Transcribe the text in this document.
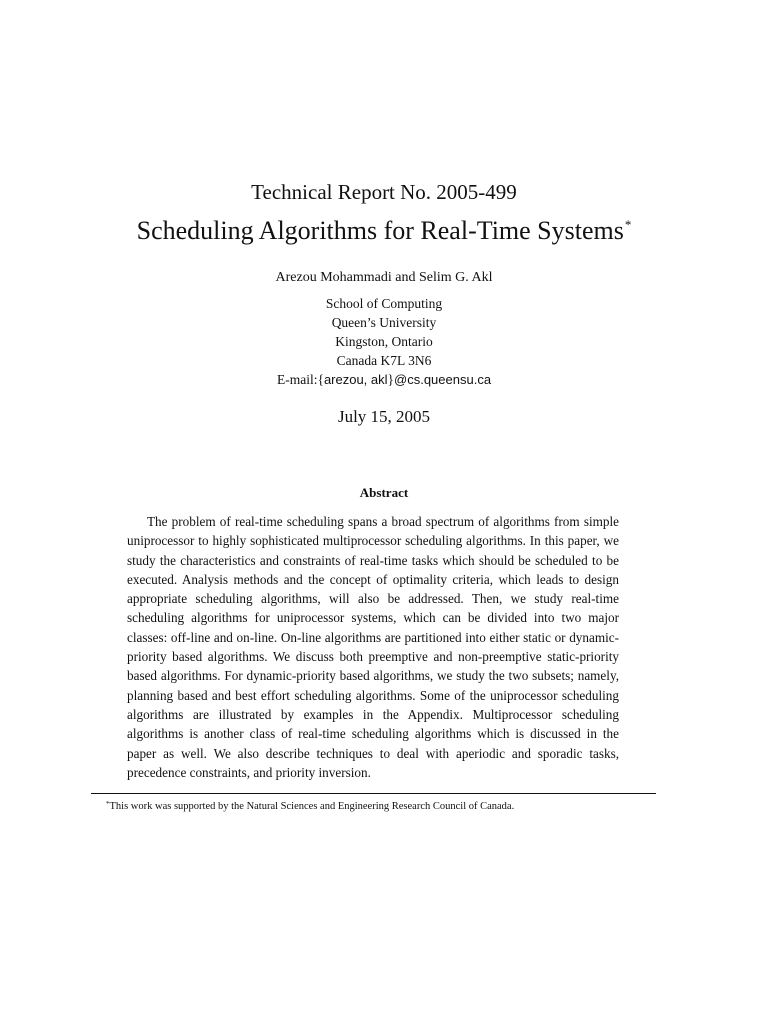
Technical Report No. 2005-499
Scheduling Algorithms for Real-Time Systems*
Arezou Mohammadi and Selim G. Akl
School of Computing
Queen’s University
Kingston, Ontario
Canada K7L 3N6
E-mail:{arezou, akl}@cs.queensu.ca
July 15, 2005
Abstract
The problem of real-time scheduling spans a broad spectrum of algorithms from simple uniprocessor to highly sophisticated multiprocessor scheduling algorithms. In this paper, we study the characteristics and constraints of real-time tasks which should be scheduled to be executed. Analysis methods and the concept of optimality criteria, which leads to design appropriate scheduling algorithms, will also be addressed. Then, we study real-time scheduling algorithms for uniprocessor systems, which can be divided into two major classes: off-line and on-line. On-line algorithms are partitioned into either static or dynamic-priority based algorithms. We discuss both preemptive and non-preemptive static-priority based algorithms. For dynamic-priority based algorithms, we study the two subsets; namely, planning based and best effort scheduling algorithms. Some of the uniprocessor scheduling algorithms are illustrated by examples in the Appendix. Multiprocessor scheduling algorithms is another class of real-time scheduling algorithms which is discussed in the paper as well. We also describe techniques to deal with aperiodic and sporadic tasks, precedence constraints, and priority inversion.
*This work was supported by the Natural Sciences and Engineering Research Council of Canada.
